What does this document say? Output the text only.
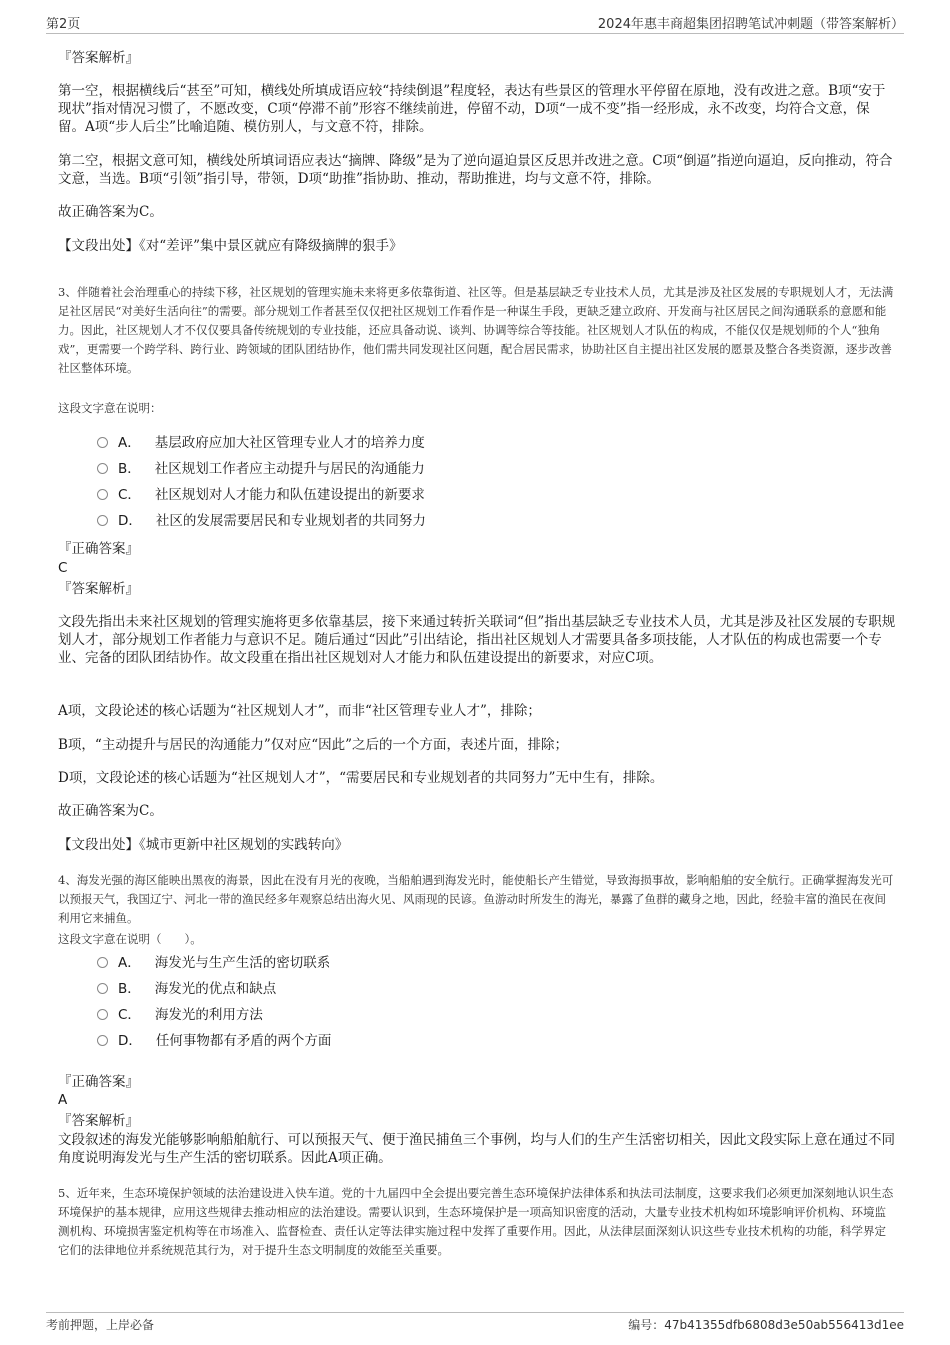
第2页	2024年惠丰商超集团招聘笔试冲刺题（带答案解析）
『答案解析』
第一空，根据横线后“甚至”可知，横线处所填成语应较“持续倒退”程度轻，表达有些景区的管理水平停留在原地，没有改进之意。B项“安于现状”指对情况习惯了，不愿改变，C项“停滞不前”形容不继续前进，停留不动，D项“一成不变”指一经形成，永不改变，均符合文意，保留。A项“步人后尘”比喻追随、模仿别人，与文意不符，排除。
第二空，根据文意可知，横线处所填词语应表达“摘牌、降级”是为了逆向逼迫景区反思并改进之意。C项“倒逼”指逆向逼迫，反向推动，符合文意，当选。B项“引领”指引导，带领，D项“助推”指协助、推动，帮助推进，均与文意不符，排除。
故正确答案为C。
【文段出处】《对“差评”集中景区就应有降级摘牌的狠手》
3、伴随着社会治理重心的持续下移，社区规划的管理实施未来将更多依靠街道、社区等。但是基层缺乏专业技术人员，尤其是涉及社区发展的专职规划人才，无法满足社区居民“对美好生活向往”的需要。部分规划工作者甚至仅仅把社区规划工作看作是一种谋生手段，更缺乏建立政府、开发商与社区居民之间沟通联系的意愿和能力。因此，社区规划人才不仅仅要具备传统规划的专业技能，还应具备动说、谈判、协调等综合等技能。社区规划人才队伍的构成，不能仅仅是规划师的个人“独角戏”，更需要一个跨学科、跨行业、跨领域的团队团结协作，他们需共同发现社区问题，配合居民需求，协助社区自主提出社区发展的愿景及整合各类资源，逐步改善社区整体环境。
这段文字意在说明：
A． 基层政府应加大社区管理专业人才的培养力度
B． 社区规划工作者应主动提升与居民的沟通能力
C． 社区规划对人才能力和队伍建设提出的新要求
D． 社区的发展需要居民和专业规划者的共同努力
『正确答案』
C
『答案解析』
文段先指出未来社区规划的管理实施将更多依靠基层，接下来通过转折关联词“但”指出基层缺乏专业技术人员，尤其是涉及社区发展的专职规划人才，部分规划工作者能力与意识不足。随后通过“因此”引出结论，指出社区规划人才需要具备多项技能，人才队伍的构成也需要一个专业、完备的团队团结协作。故文段重在指出社区规划对人才能力和队伍建设提出的新要求，对应C项。
A项，文段论述的核心话题为“社区规划人才”，而非“社区管理专业人才”，排除；
B项，“主动提升与居民的沟通能力”仅对应“因此”之后的一个方面，表述片面，排除；
D项，文段论述的核心话题为“社区规划人才”，“需要居民和专业规划者的共同努力”无中生有，排除。
故正确答案为C。
【文段出处】《城市更新中社区规划的实践转向》
4、海发光强的海区能映出黑夜的海景，因此在没有月光的夜晚，当船舶遇到海发光时，能使船长产生错觉，导致海损事故，影响船舶的安全航行。正确掌握海发光可以预报天气，我国辽宁、河北一带的渔民经多年观察总结出海火见、风雨现的民谚。鱼游动时所发生的海光，暴露了鱼群的藏身之地，因此，经验丰富的渔民在夜间利用它来捕鱼。
这段文字意在说明（　　）。
A． 海发光与生产生活的密切联系
B． 海发光的优点和缺点
C． 海发光的利用方法
D． 任何事物都有矛盾的两个方面
『正确答案』
A
『答案解析』
文段叙述的海发光能够影响船舶航行、可以预报天气、便于渔民捕鱼三个事例，均与人们的生产生活密切相关，因此文段实际上意在通过不同角度说明海发光与生产生活的密切联系。因此A项正确。
5、近年来，生态环境保护领域的法治建设进入快车道。党的十九届四中全会提出要完善生态环境保护法律体系和执法司法制度，这要求我们必须更加深刻地认识生态环境保护的基本规律，应用这些规律去推动相应的法治建设。需要认识到，生态环境保护是一项高知识密度的活动，大量专业技术机构如环境影响评价机构、环境监测机构、环境损害鉴定机构等在市场准入、监督检查、责任认定等法律实施过程中发挥了重要作用。因此，从法律层面深刻认识这些专业技术机构的功能，科学界定它们的法律地位并系统规范其行为，对于提升生态文明制度的效能至关重要。
考前押题，上岸必备	编号：47b41355dfb6808d3e50ab556413d1ee
